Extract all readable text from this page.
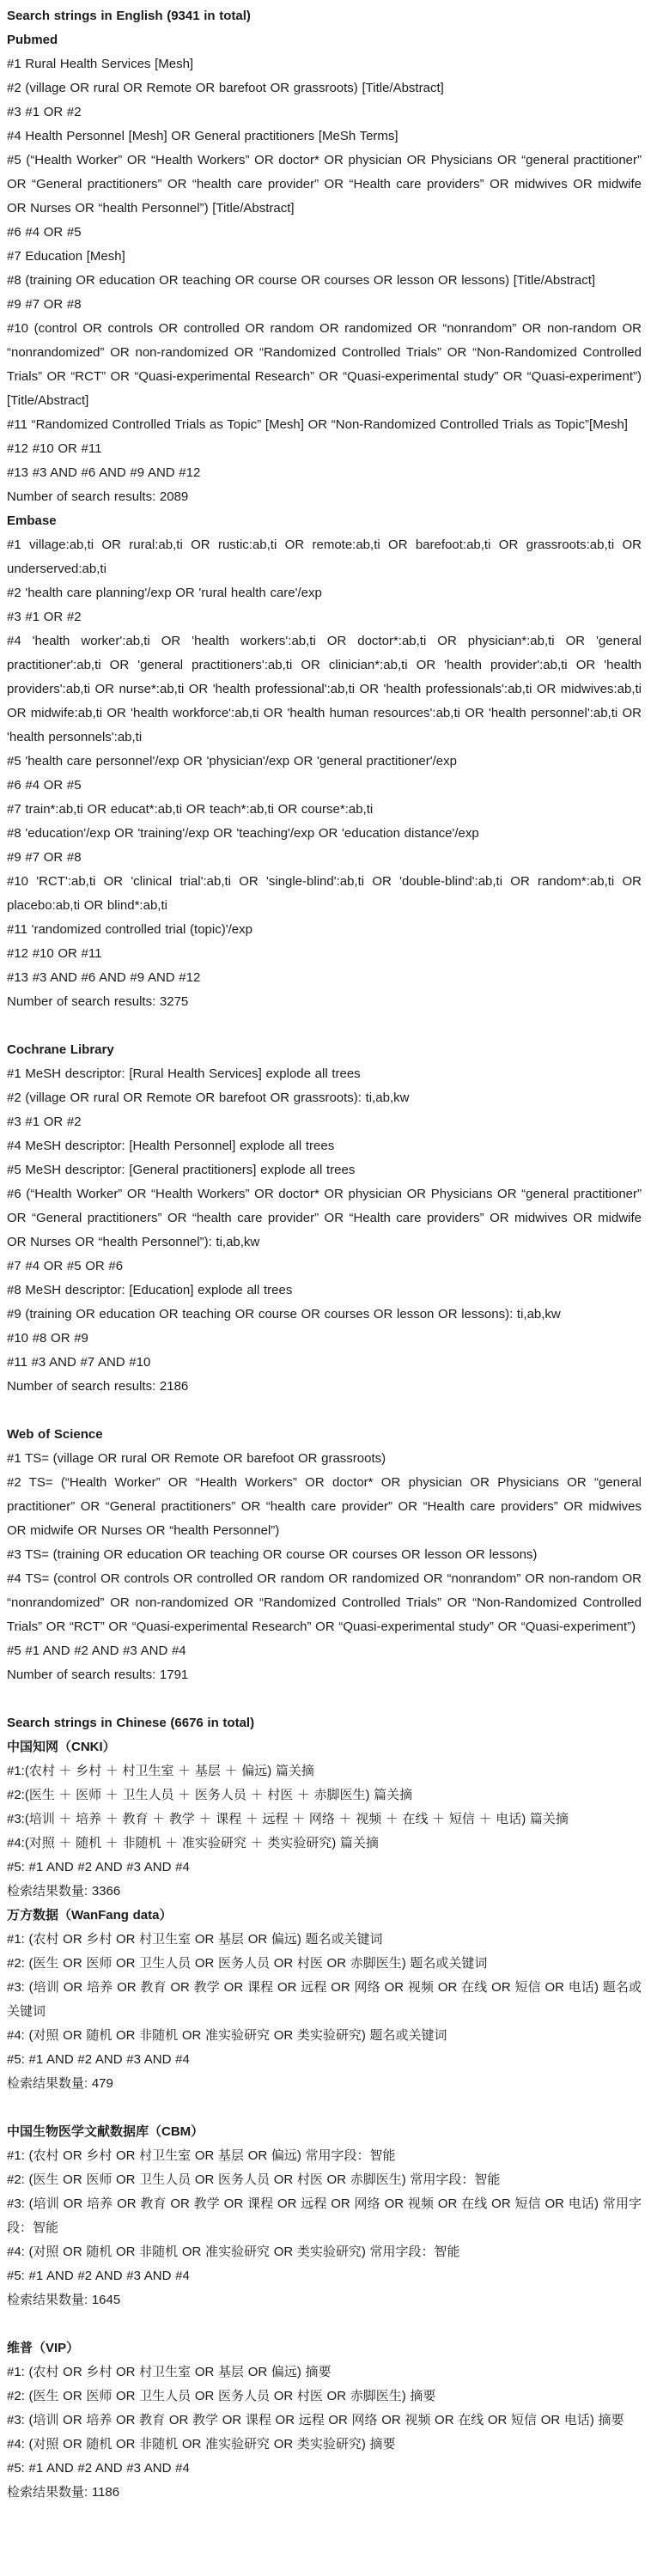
Search strings in English (9341 in total)

Pubmed

#1 Rural Health Services [Mesh]

#2 (village OR rural OR Remote OR barefoot OR grassroots) [Title/Abstract]

#3 #1 OR #2

#4 Health Personnel [Mesh] OR General practitioners [MeSh Terms]

#5 (“Health Worker” OR “Health Workers” OR doctor* OR physician OR Physicians OR “general practitioner” OR “General practitioners” OR “health care provider” OR “Health care providers” OR midwives OR midwife OR Nurses OR “health Personnel”) [Title/Abstract]

#6 #4 OR #5

#7 Education [Mesh]

#8 (training OR education OR teaching OR course OR courses OR lesson OR lessons) [Title/Abstract]

#9 #7 OR #8

#10 (control OR controls OR controlled OR random OR randomized OR “nonrandom” OR non-random OR “nonrandomized” OR non-randomized OR “Randomized Controlled Trials” OR “Non-Randomized Controlled Trials” OR “RCT” OR “Quasi-experimental Research” OR “Quasi-experimental study” OR “Quasi-experiment”)[Title/Abstract]

#11 “Randomized Controlled Trials as Topic” [Mesh] OR “Non-Randomized Controlled Trials as Topic”[Mesh]

#12 #10 OR #11

#13 #3 AND #6 AND #9 AND #12

Number of search results: 2089

Embase

#1 village:ab,ti OR rural:ab,ti OR rustic:ab,ti OR remote:ab,ti OR barefoot:ab,ti OR grassroots:ab,ti OR underserved:ab,ti

#2 'health care planning'/exp OR 'rural health care'/exp

#3 #1 OR #2

#4 'health worker':ab,ti OR 'health workers':ab,ti OR doctor*:ab,ti OR physician*:ab,ti OR 'general practitioner':ab,ti OR 'general practitioners':ab,ti OR clinician*:ab,ti OR 'health provider':ab,ti OR 'health providers':ab,ti OR nurse*:ab,ti OR 'health professional':ab,ti OR 'health professionals':ab,ti OR midwives:ab,ti OR midwife:ab,ti OR 'health workforce':ab,ti OR 'health human resources':ab,ti OR 'health personnel':ab,ti OR 'health personnels':ab,ti

#5 'health care personnel'/exp OR 'physician'/exp OR 'general practitioner'/exp

#6 #4 OR #5

#7 train*:ab,ti OR educat*:ab,ti OR teach*:ab,ti OR course*:ab,ti

#8 'education'/exp OR 'training'/exp OR 'teaching'/exp OR 'education distance'/exp

#9 #7 OR #8

#10 'RCT':ab,ti OR 'clinical trial':ab,ti OR 'single-blind':ab,ti OR 'double-blind':ab,ti OR random*:ab,ti OR placebo:ab,ti OR blind*:ab,ti

#11 'randomized controlled trial (topic)'/exp

#12 #10 OR #11

#13 #3 AND #6 AND #9 AND #12

Number of search results: 3275

Cochrane Library

#1 MeSH descriptor: [Rural Health Services] explode all trees

#2 (village OR rural OR Remote OR barefoot OR grassroots): ti,ab,kw

#3 #1 OR #2

#4 MeSH descriptor: [Health Personnel] explode all trees

#5 MeSH descriptor: [General practitioners] explode all trees

#6 (“Health Worker” OR “Health Workers” OR doctor* OR physician OR Physicians OR “general practitioner” OR “General practitioners” OR “health care provider” OR “Health care providers” OR midwives OR midwife OR Nurses OR “health Personnel”): ti,ab,kw

#7 #4 OR #5 OR #6

#8 MeSH descriptor: [Education] explode all trees

#9 (training OR education OR teaching OR course OR courses OR lesson OR lessons): ti,ab,kw

#10 #8 OR #9

#11 #3 AND #7 AND #10

Number of search results: 2186

Web of Science

#1 TS= (village OR rural OR Remote OR barefoot OR grassroots)

#2 TS= (“Health Worker” OR “Health Workers” OR doctor* OR physician OR Physicians OR “general practitioner” OR “General practitioners” OR “health care provider” OR “Health care providers” OR midwives OR midwife OR Nurses OR “health Personnel”)

#3 TS= (training OR education OR teaching OR course OR courses OR lesson OR lessons)

#4 TS= (control OR controls OR controlled OR random OR randomized OR “nonrandom” OR non-random OR “nonrandomized” OR non-randomized OR “Randomized Controlled Trials” OR “Non-Randomized Controlled Trials” OR “RCT” OR “Quasi-experimental Research” OR “Quasi-experimental study” OR “Quasi-experiment”)

#5 #1 AND #2 AND #3 AND #4

Number of search results: 1791

Search strings in Chinese (6676 in total)

中国知网（CNKI）

#1:(农村 ＋ 乡村 ＋ 村卫生室 ＋ 基层 ＋ 偏远) 篇关摘

#2:(医生 ＋ 医师 ＋ 卫生人员 ＋ 医务人员 ＋ 村医 ＋ 赤脚医生) 篇关摘

#3:(培训 ＋ 培养 ＋ 教育 ＋ 教学 ＋ 课程 ＋ 远程 ＋ 网络 ＋ 视频 ＋ 在线 ＋ 短信 ＋ 电话) 篇关摘

#4:(对照 ＋ 随机 ＋ 非随机 ＋ 准实验研究 ＋ 类实验研究) 篇关摘

#5: #1 AND #2 AND #3 AND #4

检索结果数量: 3366

万方数据（WanFang data）

#1: (农村 OR 乡村 OR 村卫生室 OR 基层 OR 偏远) 题名或关键词

#2: (医生 OR 医师 OR 卫生人员 OR 医务人员 OR 村医 OR 赤脚医生) 题名或关键词

#3: (培训 OR 培养 OR 教育 OR 教学 OR 课程 OR 远程 OR 网络 OR 视频 OR 在线 OR 短信 OR 电话) 题名或关键词

#4: (对照 OR 随机 OR 非随机 OR 准实验研究 OR 类实验研究) 题名或关键词

#5: #1 AND #2 AND #3 AND #4

检索结果数量: 479

中国生物医学文献数据库（CBM）

#1: (农村 OR 乡村 OR 村卫生室 OR 基层 OR 偏远) 常用字段：智能

#2: (医生 OR 医师 OR 卫生人员 OR 医务人员 OR 村医 OR 赤脚医生) 常用字段：智能

#3: (培训 OR 培养 OR 教育 OR 教学 OR 课程 OR 远程 OR 网络 OR 视频 OR 在线 OR 短信 OR 电话) 常用字段：智能

#4: (对照 OR 随机 OR 非随机 OR 准实验研究 OR 类实验研究) 常用字段：智能

#5: #1 AND #2 AND #3 AND #4

检索结果数量: 1645

维普（VIP）

#1: (农村 OR 乡村 OR 村卫生室 OR 基层 OR 偏远) 摘要

#2: (医生 OR 医师 OR 卫生人员 OR 医务人员 OR 村医 OR 赤脚医生) 摘要

#3: (培训 OR 培养 OR 教育 OR 教学 OR 课程 OR 远程 OR 网络 OR 视频 OR 在线 OR 短信 OR 电话) 摘要

#4: (对照 OR 随机 OR 非随机 OR 准实验研究 OR 类实验研究) 摘要

#5: #1 AND #2 AND #3 AND #4

检索结果数量: 1186
